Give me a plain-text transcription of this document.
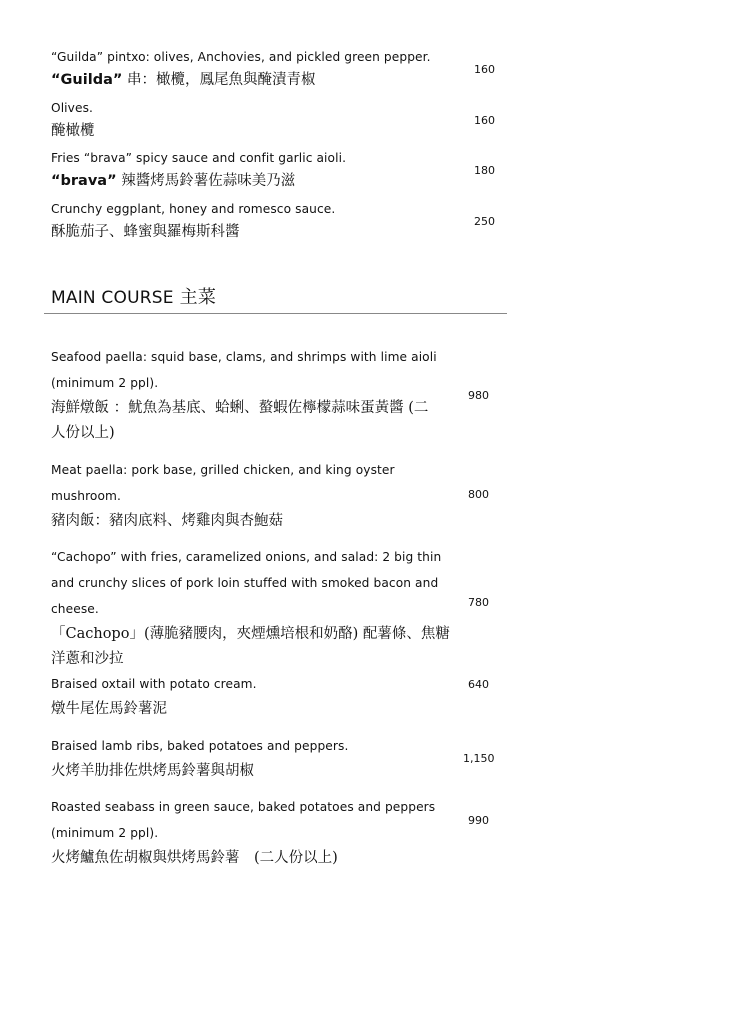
“Guilda” pintxo: olives, Anchovies, and pickled green pepper.
“Guilda” 串：橄欖，鳳尾魚與醃漬青椒
160
Olives.
醃橄欖
160
Fries “brava” spicy sauce and confit garlic aioli.
“brava” 辣醬烤馬鈴薯佐蒜味美乃滋
180
Crunchy eggplant, honey and romesco sauce.
酥脆茄子、蜂蜜與羅梅斯科醬
250
MAIN COURSE 主菜
Seafood paella: squid base, clams, and shrimps with lime aioli
(minimum 2 ppl).
海鮮燉飯 ：魷魚為基底、蛤蜊、螯蝦佐檸檬蒜味蛋黃醬 (二
人份以上)
980
Meat paella: pork base, grilled chicken, and king oyster
mushroom.
豬肉飯：豬肉底料、烤雞肉與杏鮑菇
800
“Cachopo” with fries, caramelized onions, and salad: 2 big thin
and crunchy slices of pork loin stuffed with smoked bacon and
cheese.
「Cachopo」(薄脆豬腰肉，夾煙燻培根和奶酪) 配薯條、焦糖
洋蔥和沙拉
780
Braised oxtail with potato cream.
燉牛尾佐馬鈴薯泥
640
Braised lamb ribs, baked potatoes and peppers.
火烤羊肋排佐烘烤馬鈴薯與胡椒
1,150
Roasted seabass in green sauce, baked potatoes and peppers
(minimum 2 ppl).
火烤鱸魚佐胡椒與烘烤馬鈴薯　(二人份以上)
990
